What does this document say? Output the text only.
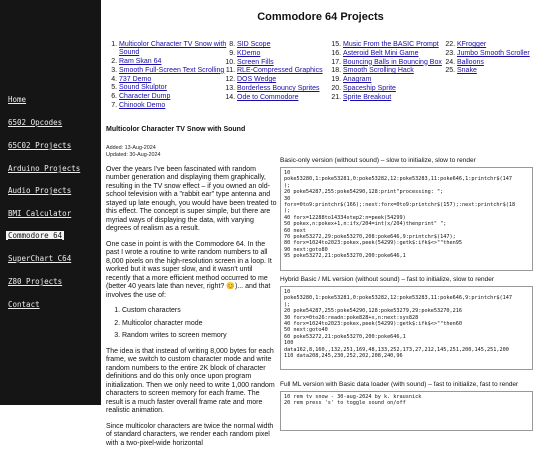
Home
6502 Opcodes
65C02 Projects
Arduino Projects
Audio Projects
BMI Calculator
Commodore 64
SuperChart C64
Z80 Projects
Contact
Commodore 64 Projects
1. Multicolor Character TV Snow with Sound
2. Ram Skan 64
3. Smooth Full-Screen Text Scrolling
4. 737 Demo
5. Sound Skulptor
6. Character Dump
7. Chinook Demo
8. SID Scope
9. KDemo
10. Screen Fills
11. RLE-Compressed Graphics
12. DOS Wedge
13. Borderless Bouncy Sprites
14. Ode to Commodore
15. Music From the BASIC Prompt
16. Asteroid Belt Mini Game
17. Bouncing Balls in Bouncing Box
18. Smooth Scrolling Hack
19. Anagram
20. Spaceship Sprite
21. Sprite Breakout
22. KFrogger
23. Jumbo Smooth Scroller
24. Balloons
25. Snake
Multicolor Character TV Snow with Sound
Added: 13-Aug-2024
Updated: 30-Aug-2024

Over the years I've been fascinated with random number generation and displaying them graphically, resulting in the TV snow effect – if you owned an old-school television with a "rabbit ear" type antenna and stayed up late enough, you would have been treated to this effect. The concept is super simple, but there are myriad ways of displaying the data, with varying degrees of realism as a result.

One case in point is with the Commodore 64. In the past I wrote a routine to write random numbers to all 8,000 pixels on the high-resolution screen in a loop. It worked but it was super slow, and it wasn't until recently that a more efficient method occurred to me (better 40 years late than never, right? 😊)... and that involves the use of:

1. Custom characters
2. Multicolor character mode
3. Random writes to screen memory

The idea is that instead of writing 8,000 bytes for each frame, we switch to custom character mode and write random numbers to the entire 2K block of character definitions and do this only once upon program initialization. Then we only need to write 1,000 random characters to screen memory for each frame. The result is a much faster overall frame rate and more realistic animation.

Since multicolor characters are twice the normal width of standard characters, we render each random pixel with a two-pixel-wide horizontal

Basic-only version (without sound) – slow to initialize, slow to render
10
poke53280,1:poke53281,0:poke53282,12:poke53283,11:poke646,1:printchr$(147
);
20 poke54287,255:poke54290,128:print"processing: ";
30
forx=0to9:printchr$(166);:next:forx=0to9:printchr$(157);:next:printchr$(18
);
40 forx=12288to14334step2:n=peek(54299)
50 pokex,n:pokex+1,n:ifx/204=int(x/204)thenprint" ";
60 next
70 poke53272,29:poke53270,208:poke646,9:printchr$(147);
80 forx=1024to2023:pokex,peek(54299):getk$:ifk$<>""then95
90 next:goto80
95 poke53272,21:poke53270,200:poke646,1
Hybrid Basic / ML version (without sound) – fast to initialize, slow to render
10
poke53280,1:poke53281,0:poke53282,12:poke53283,11:poke646,9:printchr$(147
);
20 poke54287,255:poke54290,128:poke53279,29:poke53270,216
30 forx=0to26:readn:poke828+x,n:next:sys828
40 forx=1024to2023:pokex,peek(54299):getk$:ifk$<>""then60
50 next:goto40
60 poke53272,21:poke53270,200:poke646,1
100
data162,8,160,,132,251,169,48,133,252,173,27,212,145,251,200,145,251,200
110 data208,245,230,252,202,208,240,96
Full ML version with Basic data loader (with sound) – fast to initialize, fast to render
10 rem tv snow - 30-aug-2024 by k. krausnick
20 rem press 's' to toggle sound on/off
